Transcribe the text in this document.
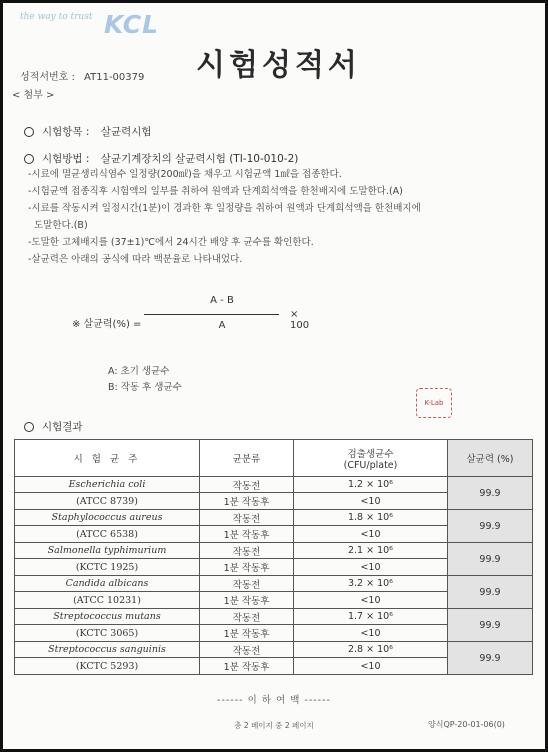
the way to trust KCL
시험성적서
성적서번호 : AT11-00379
< 첨부 >
시험항목 : 살균력시험
시험방법 : 살균기계장치의 살균력시험 (TI-10-010-2)
-시료에 멸균생리식염수 일정량(200㎖)을 채우고 시험균액 1㎖을 접종한다.
-시험균액 접종직후 시험액의 일부를 취하여 원액과 단계희석액을 한천배지에 도말한다.(A)
-시료를 작동시켜 일정시간(1분)이 경과한 후 일정량을 취하여 원액과 단계희석액을 한천배지에
도말한다.(B)
-도말한 고체배지를 (37±1)℃에서 24시간 배양 후 균수를 확인한다.
-살균력은 아래의 공식에 따라 백분율로 나타내었다.
※ 살균력(%) =
A - B
A
× 100
A: 초기 생균수
B: 작동 후 생균수
K-Lab
시험결과
시 험 균 주	균분류	검출생균수
(CFU/plate)	살균력 (%)
Escherichia coli	작동전	1.2 × 10⁶	99.9
(ATCC 8739)	1분 작동후	<10	
Staphylococcus aureus	작동전	1.8 × 10⁶	99.9
(ATCC 6538)	1분 작동후	<10	
Salmonella typhimurium	작동전	2.1 × 10⁶	99.9
(KCTC 1925)	1분 작동후	<10	
Candida albicans	작동전	3.2 × 10⁶	99.9
(ATCC 10231)	1분 작동후	<10	
Streptococcus mutans	작동전	1.7 × 10⁶	99.9
(KCTC 3065)	1분 작동후	<10	
Streptococcus sanguinis	작동전	2.8 × 10⁶	99.9
(KCTC 5293)	1분 작동후	<10	
------ 이 하 여 백 ------
총 2 페이지 중 2 페이지	양식QP-20-01-06(0)
